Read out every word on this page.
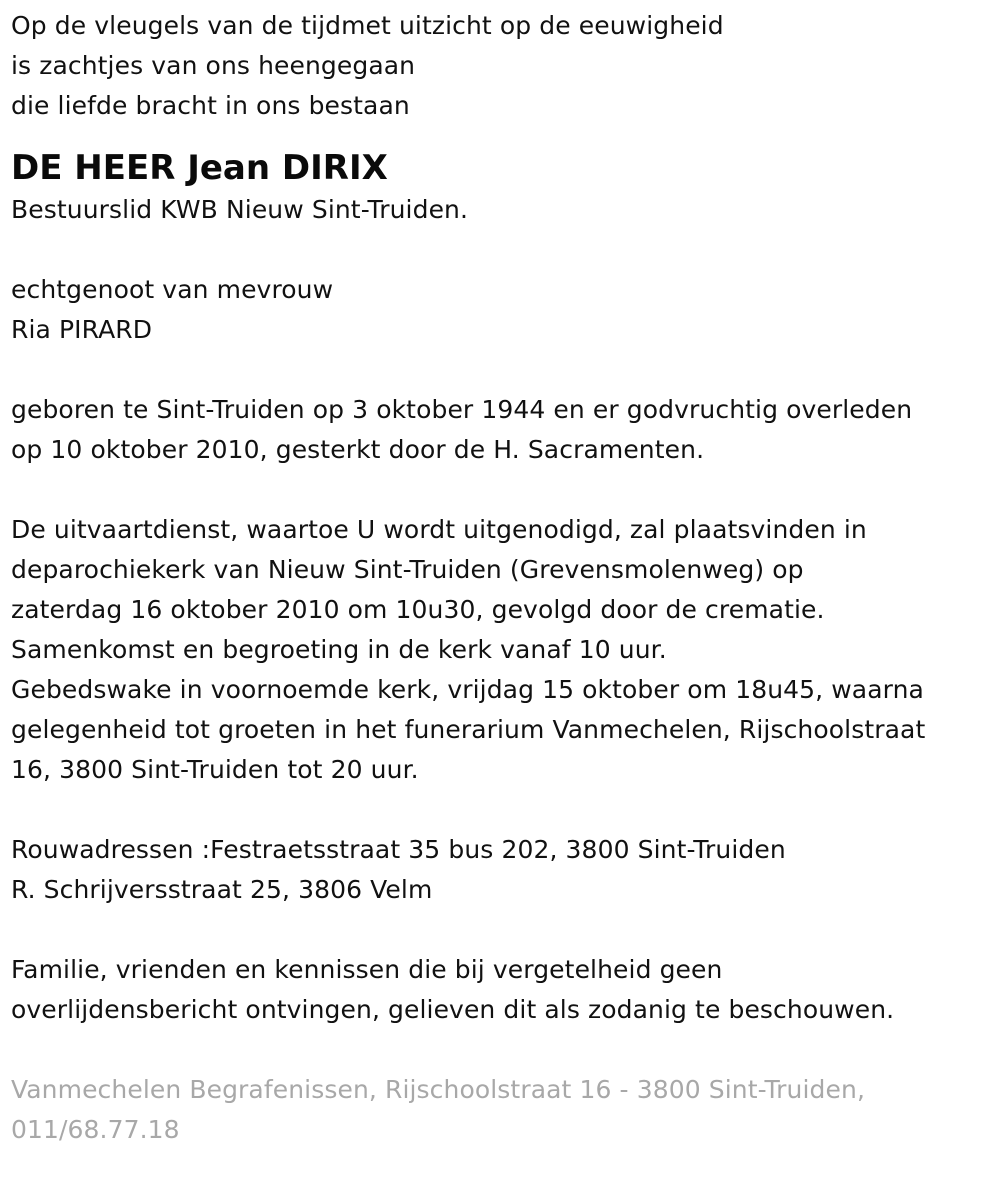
Op de vleugels van de tijdmet uitzicht op de eeuwigheid
is zachtjes van ons heengegaan
die liefde bracht in ons bestaan
DE HEER Jean DIRIX
Bestuurslid KWB Nieuw Sint-Truiden.
echtgenoot van mevrouw
Ria PIRARD
geboren te Sint-Truiden op 3 oktober 1944 en er godvruchtig overleden
op 10 oktober 2010, gesterkt door de H. Sacramenten.
De uitvaartdienst, waartoe U wordt uitgenodigd, zal plaatsvinden in
deparochiekerk van Nieuw Sint-Truiden (Grevensmolenweg) op
zaterdag 16 oktober 2010 om 10u30, gevolgd door de crematie.
Samenkomst en begroeting in de kerk vanaf 10 uur.
Gebedswake in voornoemde kerk, vrijdag 15 oktober om 18u45, waarna
gelegenheid tot groeten in het funerarium Vanmechelen, Rijschoolstraat
16, 3800 Sint-Truiden tot 20 uur.
Rouwadressen :Festraetsstraat 35 bus 202, 3800 Sint-Truiden
R. Schrijversstraat 25, 3806 Velm
Familie, vrienden en kennissen die bij vergetelheid geen
overlijdensbericht ontvingen, gelieven dit als zodanig te beschouwen.
Vanmechelen Begrafenissen, Rijschoolstraat 16 - 3800 Sint-Truiden,
011/68.77.18
